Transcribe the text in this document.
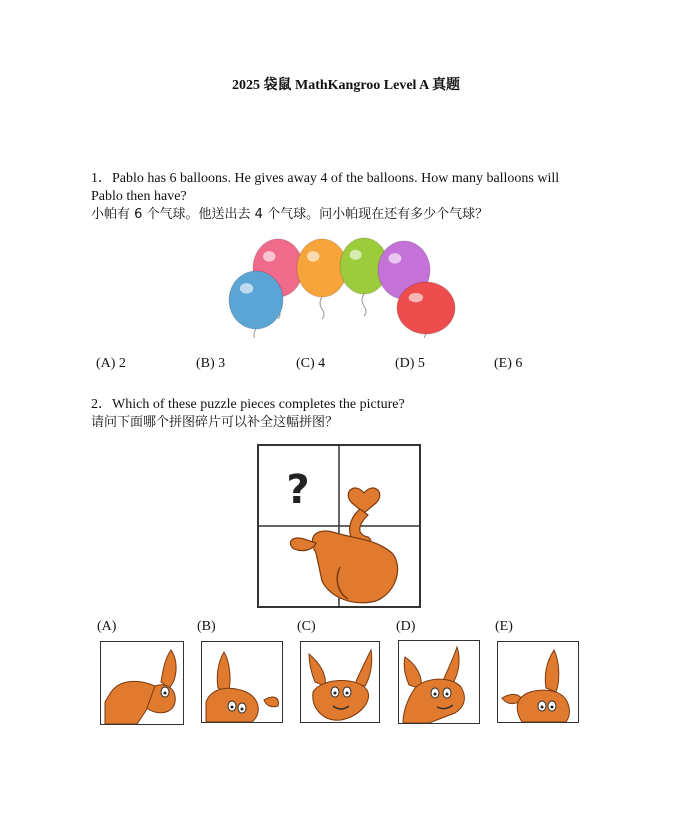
2025 袋鼠 MathKangroo Level A 真题
1．Pablo has 6 balloons. He gives away 4 of the balloons. How many balloons will
Pablo then have?
小帕有 6 个气球。他送出去 4 个气球。问小帕现在还有多少个气球？
(A) 2	(B) 3	(C) 4	(D) 5	(E) 6
2．Which of these puzzle pieces completes the picture?
请问下面哪个拼图碎片可以补全这幅拼图？
?
(A)	(B)	(C)	(D)	(E)
